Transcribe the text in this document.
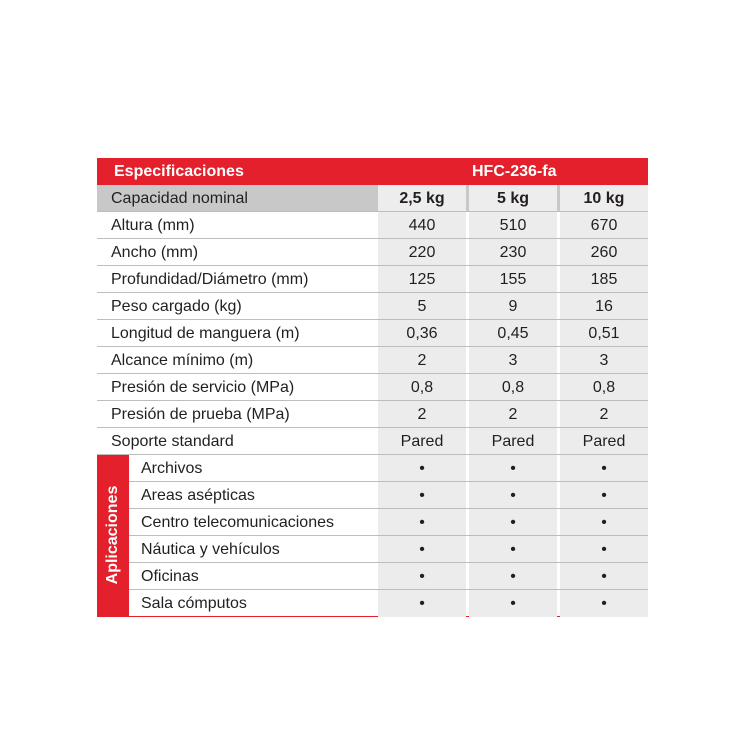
Especificaciones	HFC-236-fa
Capacidad nominal	2,5 kg	5 kg	10 kg
Altura (mm)	440	510	670
Ancho (mm)	220	230	260
Profundidad/Diámetro (mm)	125	155	185
Peso cargado (kg)	5	9	16
Longitud de manguera (m)	0,36	0,45	0,51
Alcance mínimo (m)	2	3	3
Presión de servicio (MPa)	0,8	0,8	0,8
Presión de prueba (MPa)	2	2	2
Soporte standard	Pared	Pared	Pared
Aplicaciones
Archivos	•	•	•
Areas asépticas	•	•	•
Centro telecomunicaciones	•	•	•
Náutica y vehículos	•	•	•
Oficinas	•	•	•
Sala cómputos	•	•	•
